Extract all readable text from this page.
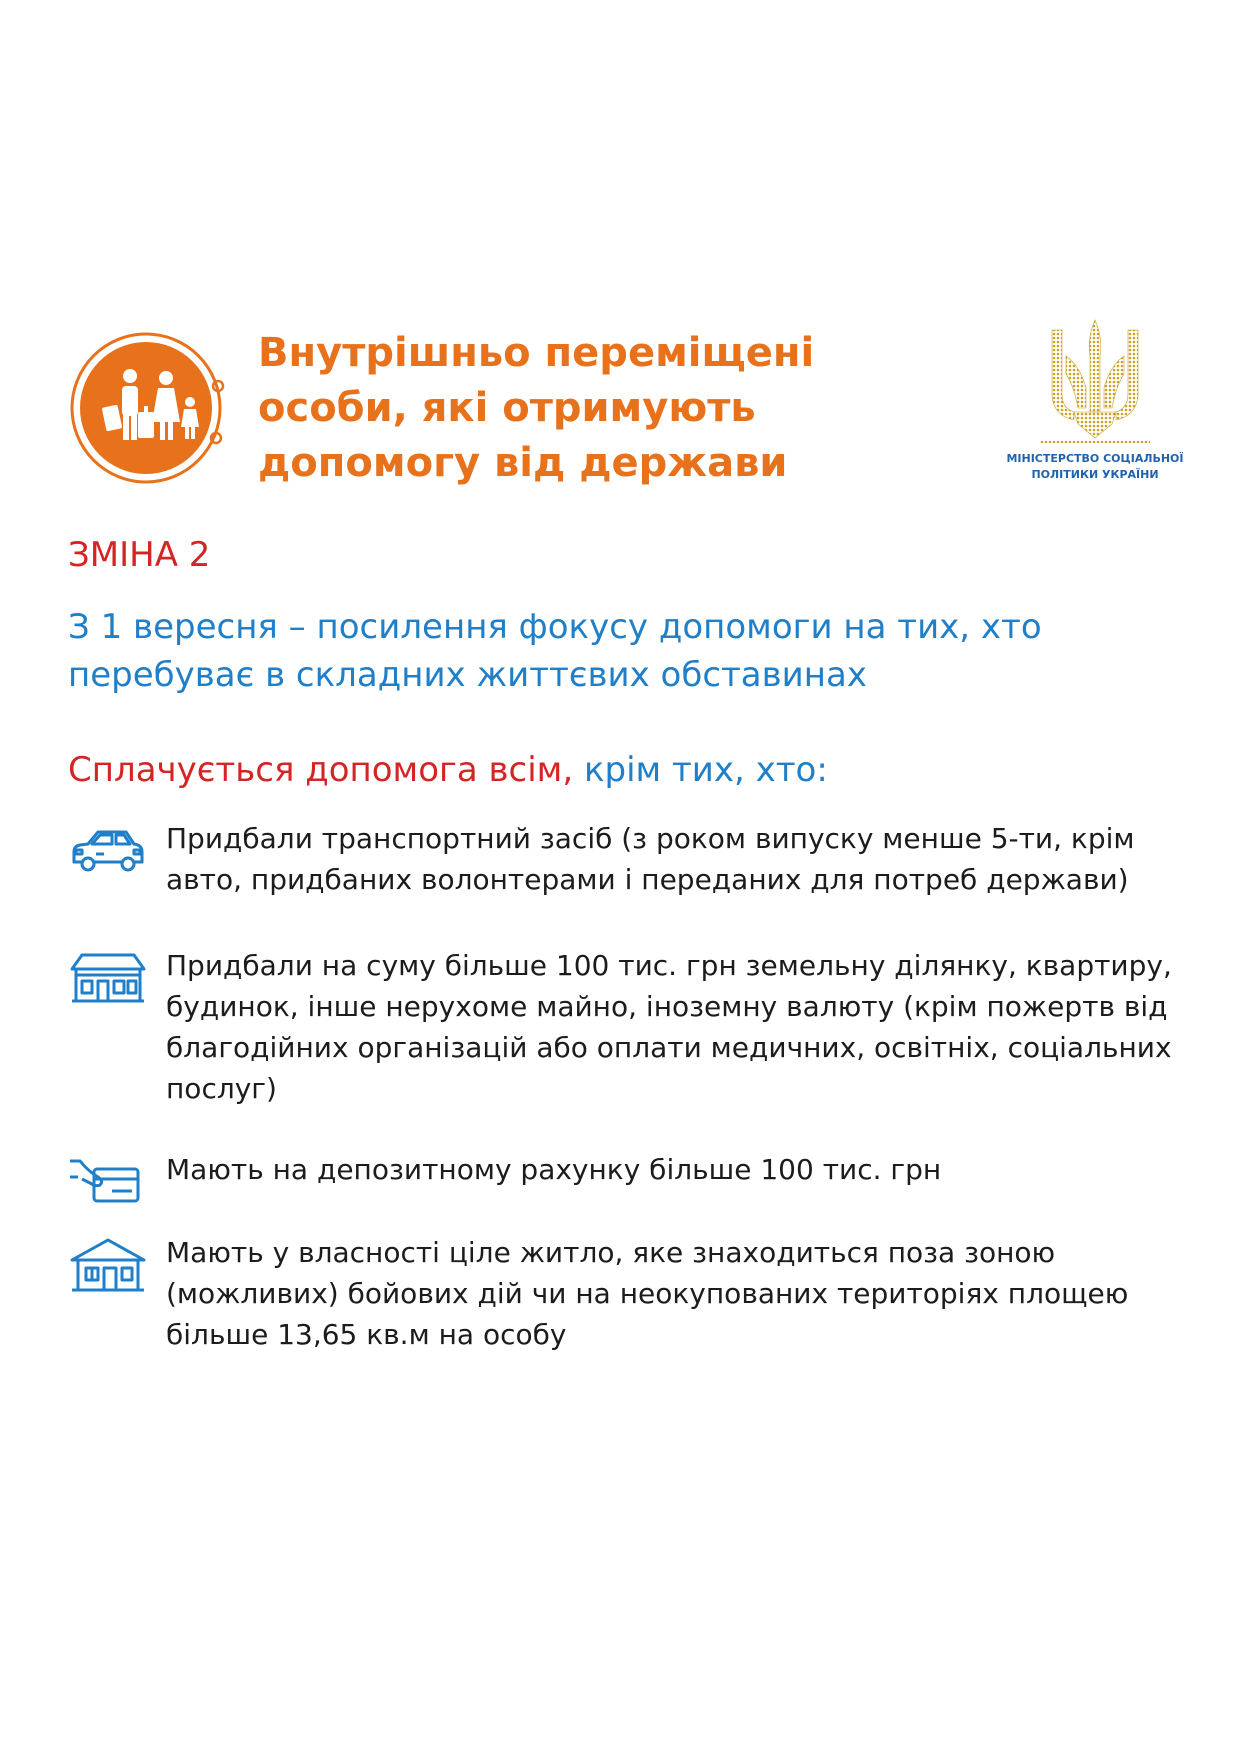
Внутрішньо переміщені особи, які отримують допомогу від держави	МІНІСТЕРСТВО СОЦІАЛЬНОЇ ПОЛІТИКИ УКРАЇНИ

ЗМІНА 2
З 1 вересня – посилення фокусу допомоги на тих, хто перебуває в складних життєвих обставинах
Сплачується допомога всім, крім тих, хто:

Придбали транспортний засіб (з роком випуску менше 5-ти, крім авто, придбаних волонтерами і переданих для потреб держави)

Придбали на суму більше 100 тис. грн земельну ділянку, квартиру, будинок, інше нерухоме майно, іноземну валюту (крім пожертв від благодійних організацій або оплати медичних, освітніх, соціальних послуг)

Мають на депозитному рахунку більше 100 тис. грн

Мають у власності ціле житло, яке знаходиться поза зоною (можливих) бойових дій чи на неокупованих територіях площею більше 13,65 кв.м на особу
